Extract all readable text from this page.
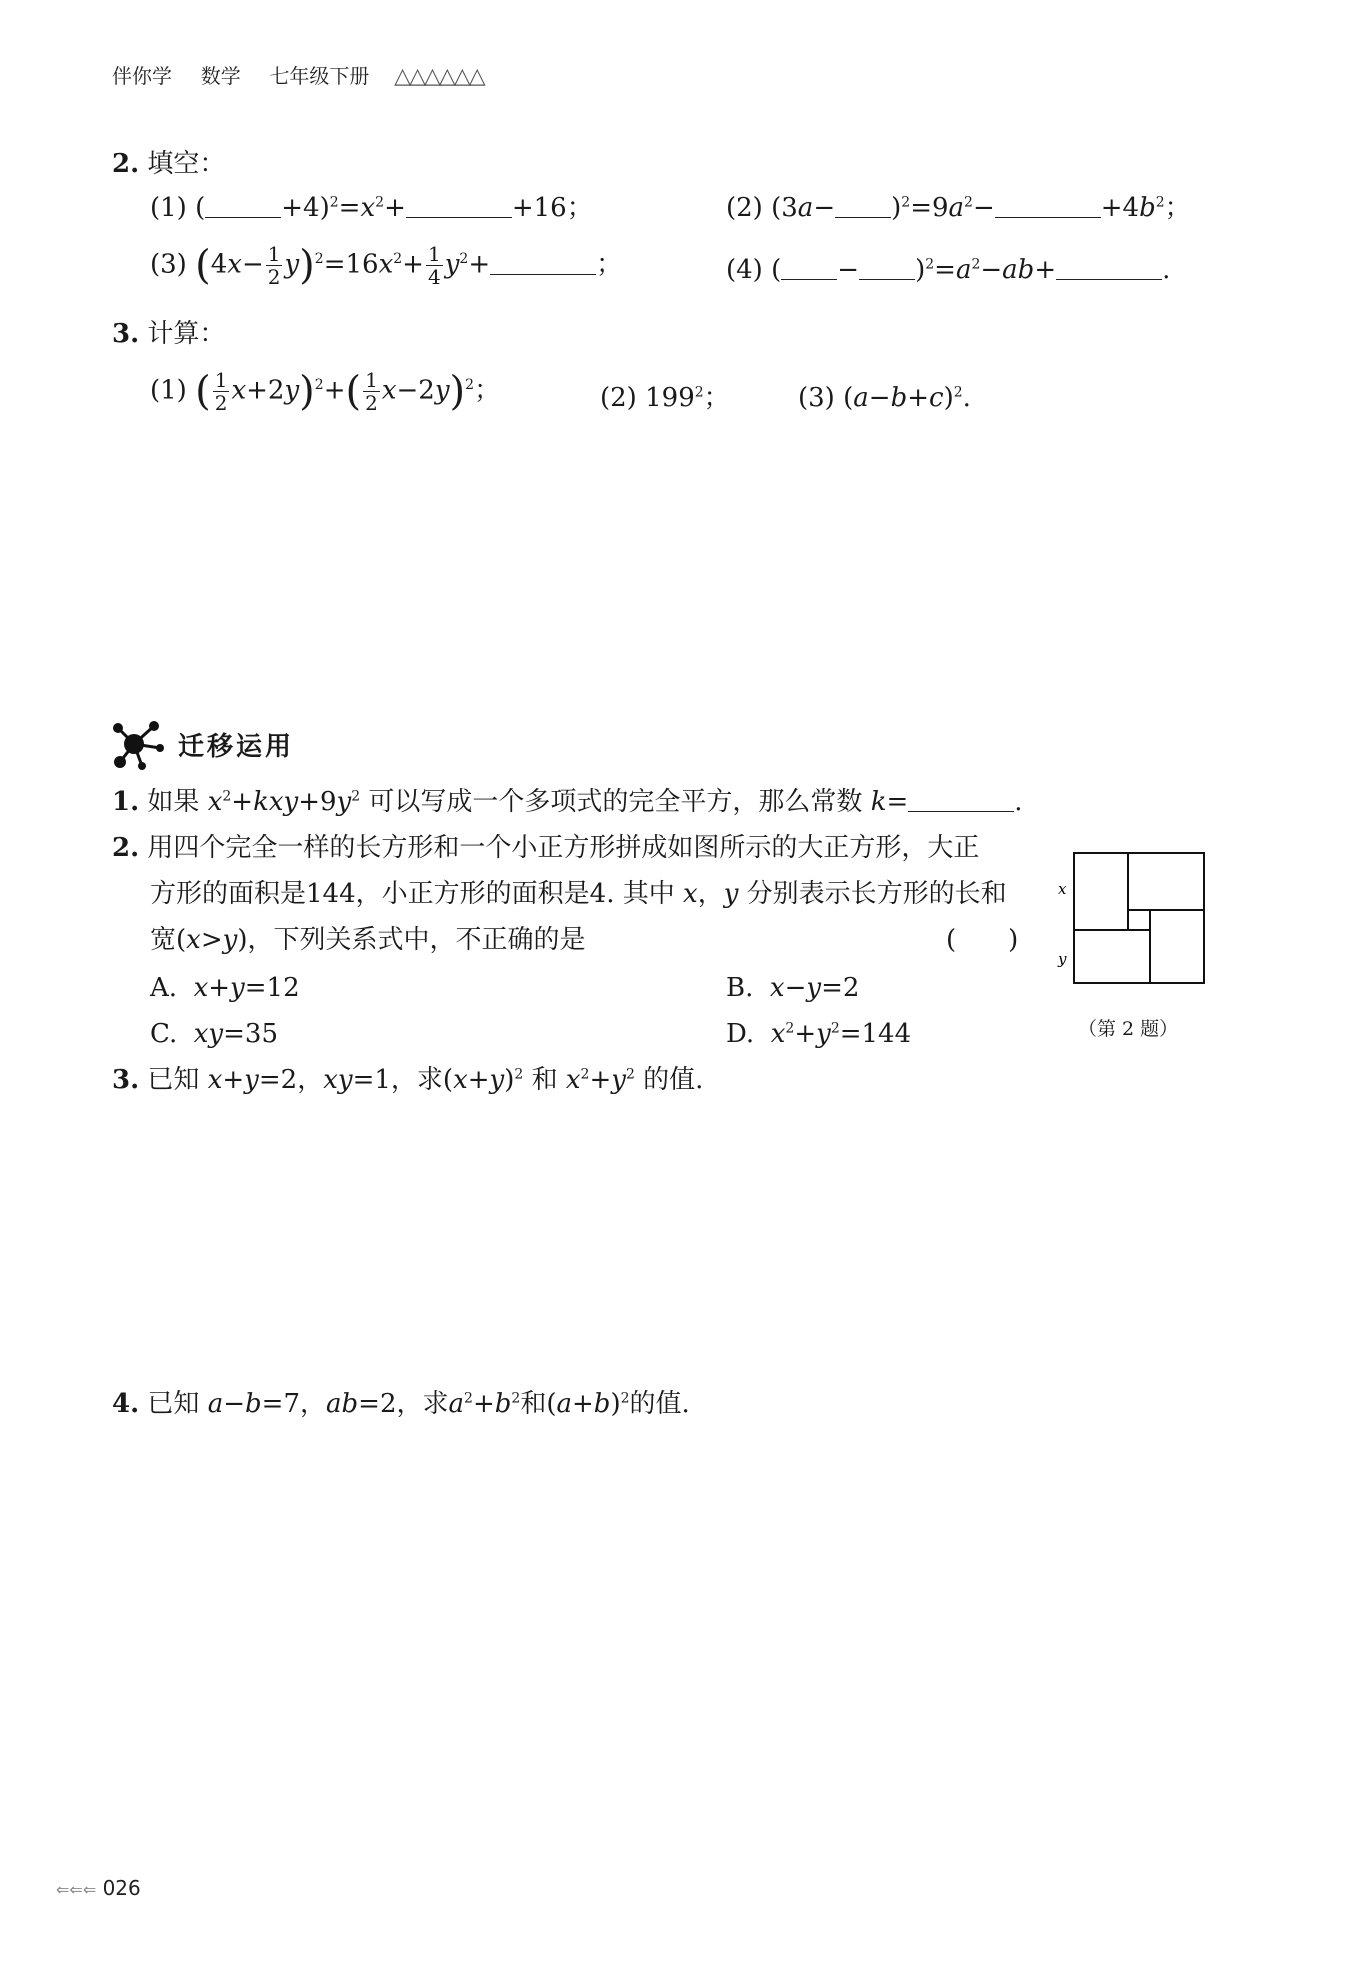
伴你学 数学 七年级下册 △△△△△△
2. 填空：
(1) (	$+4)^2=x^2+$	+16；	(2) $(3a- )^2=9a^2-$	$+4b^2$；
(3) $(4x- \frac{1}{2} y)^2=16x^2+ \frac{1}{4} y^2+$	；	(4) ( − )$^2=a^2-ab+$	.
3. 计算：
(1) ( $\frac{1}{2} x+2y)^2+( \frac{1}{2} x-2y)^2$；	(2) $199^2$；	(3) $(a-b+c)^2$.
迁移运用
1. 如果 $x^2+kxy+9y^2$ 可以写成一个多项式的完全平方，那么常数 k=	.
2. 用四个完全一样的长方形和一个小正方形拼成如图所示的大正方形，大正
方形的面积是144，小正方形的面积是4. 其中 x，y 分别表示长方形的长和
宽(x>y)，下列关系式中，不正确的是	(　　)
A. x+y=12	B. x−y=2
C. xy=35	D. $x^2+y^2=144$
x
y
（第 2 题）
3. 已知 x+y=2，xy=1，求$(x+y)^2$ 和 $x^2+y^2$ 的值.
4. 已知 a−b=7，ab=2，求$a^2+b^2$和$(a+b)^2$的值.
⇐⇐⇐ 026
